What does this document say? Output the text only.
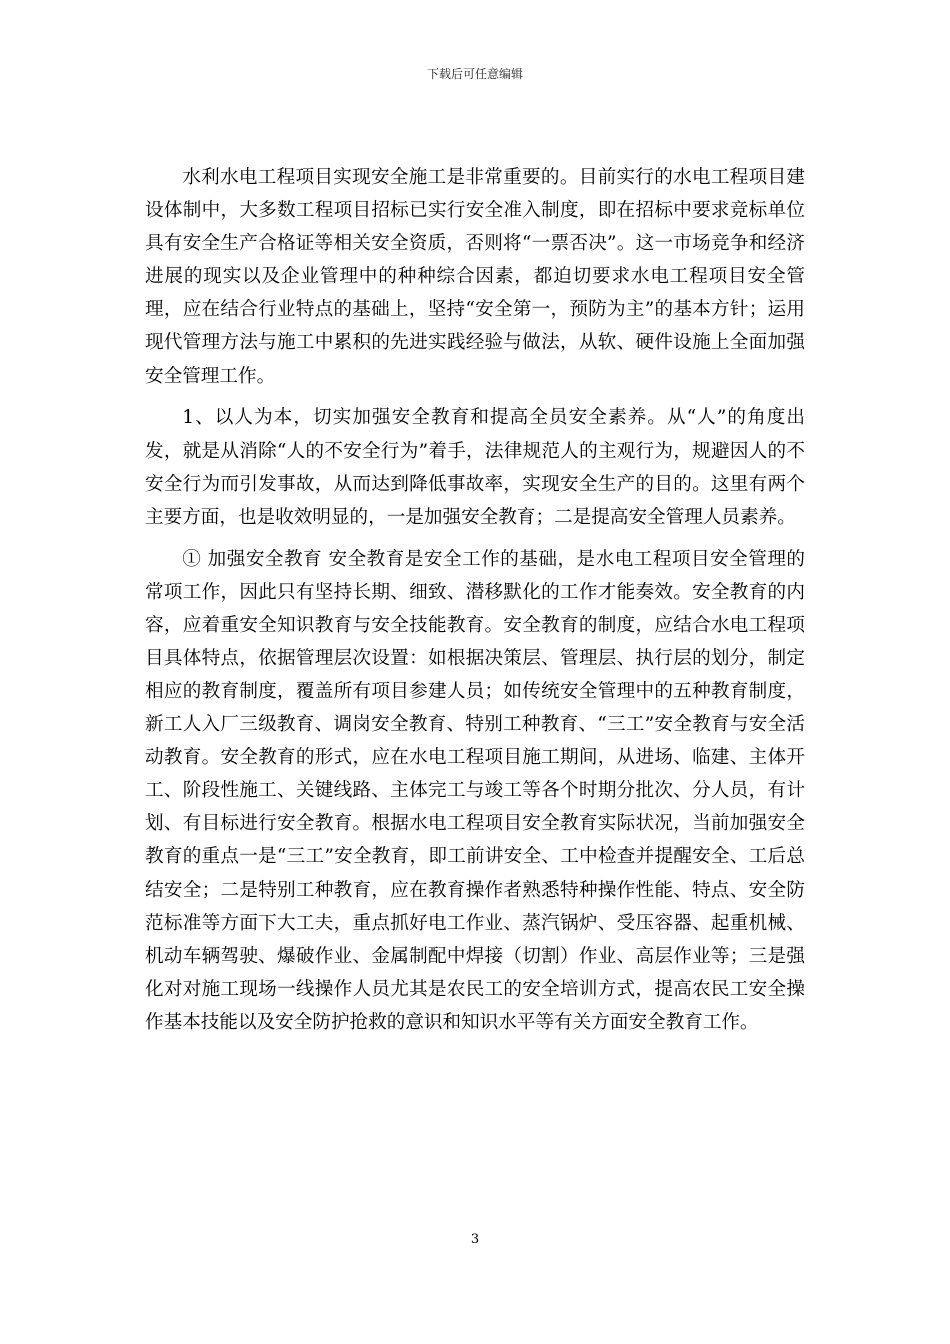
下载后可任意编辑

水利水电工程项目实现安全施工是非常重要的。目前实行的水电工程项目建设体制中，大多数工程项目招标已实行安全准入制度，即在招标中要求竞标单位具有安全生产合格证等相关安全资质，否则将“一票否决”。这一市场竞争和经济进展的现实以及企业管理中的种种综合因素，都迫切要求水电工程项目安全管理，应在结合行业特点的基础上，坚持“安全第一，预防为主”的基本方针；运用现代管理方法与施工中累积的先进实践经验与做法，从软、硬件设施上全面加强安全管理工作。

1、以人为本，切实加强安全教育和提高全员安全素养。从“人”的角度出发，就是从消除“人的不安全行为”着手，法律规范人的主观行为，规避因人的不安全行为而引发事故，从而达到降低事故率，实现安全生产的目的。这里有两个主要方面，也是收效明显的，一是加强安全教育；二是提高安全管理人员素养。

① 加强安全教育 安全教育是安全工作的基础，是水电工程项目安全管理的常项工作，因此只有坚持长期、细致、潜移默化的工作才能奏效。安全教育的内容，应着重安全知识教育与安全技能教育。安全教育的制度，应结合水电工程项目具体特点，依据管理层次设置：如根据决策层、管理层、执行层的划分，制定相应的教育制度，覆盖所有项目参建人员；如传统安全管理中的五种教育制度，新工人入厂三级教育、调岗安全教育、特别工种教育、“三工”安全教育与安全活动教育。安全教育的形式，应在水电工程项目施工期间，从进场、临建、主体开工、阶段性施工、关键线路、主体完工与竣工等各个时期分批次、分人员，有计划、有目标进行安全教育。根据水电工程项目安全教育实际状况，当前加强安全教育的重点一是“三工”安全教育，即工前讲安全、工中检查并提醒安全、工后总结安全；二是特别工种教育，应在教育操作者熟悉特种操作性能、特点、安全防范标准等方面下大工夫，重点抓好电工作业、蒸汽锅炉、受压容器、起重机械、机动车辆驾驶、爆破作业、金属制配中焊接（切割）作业、高层作业等；三是强化对对施工现场一线操作人员尤其是农民工的安全培训方式，提高农民工安全操作基本技能以及安全防护抢救的意识和知识水平等有关方面安全教育工作。

3
